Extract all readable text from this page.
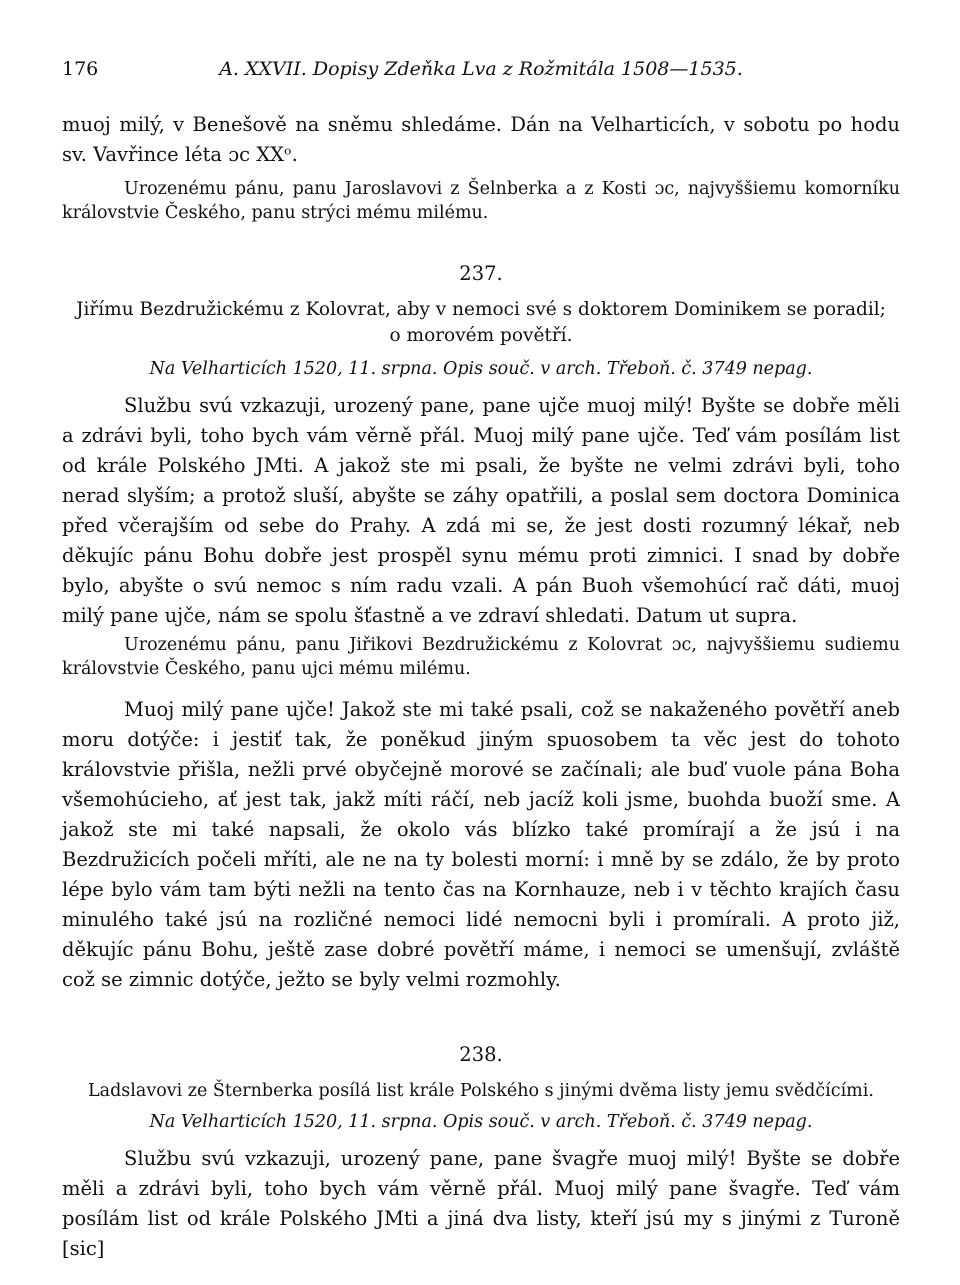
176	A. XXVII. Dopisy Zdeňka Lva z Rožmitála 1508—1535.

muoj milý, v Benešově na sněmu shledáme. Dán na Velharticích, v sobotu po hodu sv. Vavřince léta ɔc XXᵒ.

Urozenému pánu, panu Jaroslavovi z Šelnberka a z Kosti ɔc, najvyššiemu komorníku královstvie Českého, panu strýci mému milému.

237.

Jiřímu Bezdružickému z Kolovrat, aby v nemoci své s doktorem Dominikem se poradil;

o morovém povětří.

Na Velharticích 1520, 11. srpna. Opis souč. v arch. Třeboň. č. 3749 nepag.

Službu svú vzkazuji, urozený pane, pane ujče muoj milý! Byšte se dobře měli a zdrávi byli, toho bych vám věrně přál. Muoj milý pane ujče. Teď vám posílám list od krále Polského JMti. A jakož ste mi psali, že byšte ne velmi zdrávi byli, toho nerad slyším; a protož sluší, abyšte se záhy opatřili, a poslal sem doctora Dominica před včerajším od sebe do Prahy. A zdá mi se, že jest dosti rozumný lékař, neb děkujíc pánu Bohu dobře jest prospěl synu mému proti zimnici. I snad by dobře bylo, abyšte o svú nemoc s ním radu vzali. A pán Buoh všemohúcí rač dáti, muoj milý pane ujče, nám se spolu šťastně a ve zdraví shledati. Datum ut supra.

Urozenému pánu, panu Jiřikovi Bezdružickému z Kolovrat ɔc, najvyššiemu sudiemu královstvie Českého, panu ujci mému milému.

Muoj milý pane ujče! Jakož ste mi také psali, což se nakaženého povětří aneb moru dotýče: i jestiť tak, že poněkud jiným spuosobem ta věc jest do tohoto královstvie přišla, nežli prvé obyčejně morové se začínali; ale buď vuole pána Boha všemohúcieho, ať jest tak, jakž míti ráčí, neb jacíž koli jsme, buohda buoží sme. A jakož ste mi také napsali, že okolo vás blízko také promírají a že jsú i na Bezdružicích počeli mříti, ale ne na ty bolesti morní: i mně by se zdálo, že by proto lépe bylo vám tam býti nežli na tento čas na Kornhauze, neb i v těchto krajích času minulého také jsú na rozličné nemoci lidé nemocni byli i promírali. A proto již, děkujíc pánu Bohu, ještě zase dobré povětří máme, i nemoci se umenšují, zvláště což se zimnic dotýče, ježto se byly velmi rozmohly.

238.

Ladslavovi ze Šternberka posílá list krále Polského s jinými dvěma listy jemu svědčícími.

Na Velharticích 1520, 11. srpna. Opis souč. v arch. Třeboň. č. 3749 nepag.

Službu svú vzkazuji, urozený pane, pane švagře muoj milý! Byšte se dobře měli a zdrávi byli, toho bych vám věrně přál. Muoj milý pane švagře. Teď vám posílám list od krále Polského JMti a jiná dva listy, kteří jsú my s jinými z Turoně [sic]
